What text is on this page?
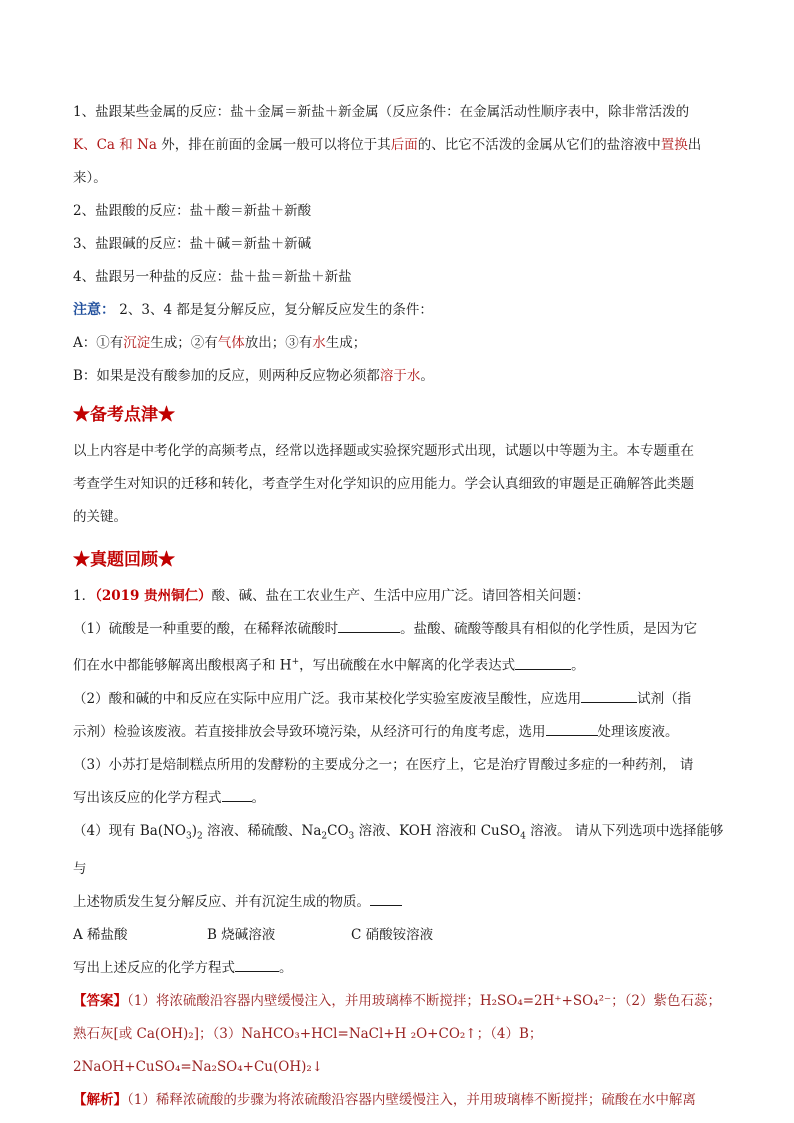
1、盐跟某些金属的反应：盐＋金属＝新盐＋新金属（反应条件：在金属活动性顺序表中，除非常活泼的
K、Ca 和 Na 外，排在前面的金属一般可以将位于其后面的、比它不活泼的金属从它们的盐溶液中置换出
来）。

2、盐跟酸的反应：盐＋酸＝新盐＋新酸

3、盐跟碱的反应：盐＋碱＝新盐＋新碱

4、盐跟另一种盐的反应：盐＋盐＝新盐＋新盐

注意： 2、3、4 都是复分解反应，复分解反应发生的条件：

A：①有沉淀生成；②有气体放出；③有水生成；

B：如果是没有酸参加的反应，则两种反应物必须都溶于水。

★备考点津★

以上内容是中考化学的高频考点，经常以选择题或实验探究题形式出现，试题以中等题为主。本专题重在
考查学生对知识的迁移和转化，考查学生对化学知识的应用能力。学会认真细致的审题是正确解答此类题
的关键。

★真题回顾★

1．（2019 贵州铜仁）酸、碱、盐在工农业生产、生活中应用广泛。请回答相关问题：

（1）硫酸是一种重要的酸，在稀释浓硫酸时	。盐酸、硫酸等酸具有相似的化学性质，是因为它
们在水中都能够解离出酸根离子和 H+，写出硫酸在水中解离的化学表达式	。

（2）酸和碱的中和反应在实际中应用广泛。我市某校化学实验室废液呈酸性，应选用	试剂（指
示剂）检验该废液。若直接排放会导致环境污染，从经济可行的角度考虑，选用	处理该废液。

（3）小苏打是焙制糕点所用的发酵粉的主要成分之一；在医疗上，它是治疗胃酸过多症的一种药剂， 请
写出该反应的化学方程式 。

（4）现有 $Ba(NO_3)_2$ 溶液、稀硫酸、$Na_2CO_3$ 溶液、KOH 溶液和 CuSO$_4$ 溶液。 请从下列选项中选择能够与
上述物质发生复分解反应、并有沉淀生成的物质。

A 稀盐酸	B 烧碱溶液	C 硝酸铵溶液

写出上述反应的化学方程式	。

【答案】（1）将浓硫酸沿容器内壁缓慢注入，并用玻璃棒不断搅拌；H₂SO₄=2H⁺+SO₄²⁻；（2）紫色石蕊；
熟石灰[或 Ca(OH)₂]；（3）NaHCO₃+HCl=NaCl+H ₂O+CO₂↑；（4）B；2NaOH+CuSO₄=Na₂SO₄+Cu(OH)₂↓

【解析】（1）稀释浓硫酸的步骤为将浓硫酸沿容器内壁缓慢注入，并用玻璃棒不断搅拌；硫酸在水中解离
